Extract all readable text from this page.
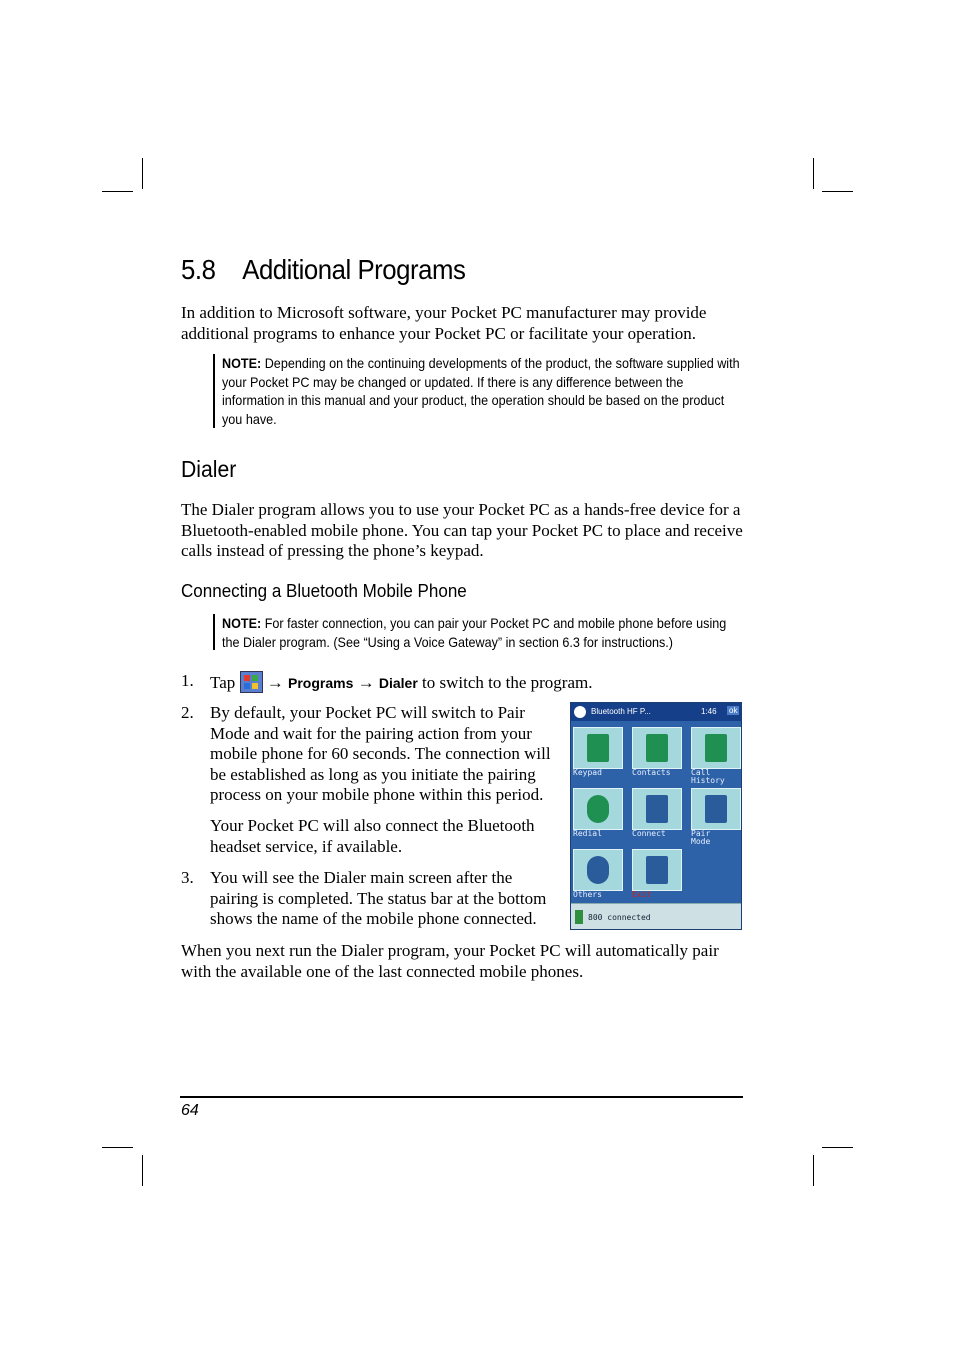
5.8    Additional Programs
In addition to Microsoft software, your Pocket PC manufacturer may provide additional programs to enhance your Pocket PC or facilitate your operation.
NOTE: Depending on the continuing developments of the product, the software supplied with your Pocket PC may be changed or updated. If there is any difference between the information in this manual and your product, the operation should be based on the product you have.
Dialer
The Dialer program allows you to use your Pocket PC as a hands-free device for a Bluetooth-enabled mobile phone. You can tap your Pocket PC to place and receive calls instead of pressing the phone’s keypad.
Connecting a Bluetooth Mobile Phone
NOTE: For faster connection, you can pair your Pocket PC and mobile phone before using the Dialer program. (See “Using a Voice Gateway” in section 6.3 for instructions.)
1. Tap  → Programs → Dialer to switch to the program.
2. By default, your Pocket PC will switch to Pair Mode and wait for the pairing action from your mobile phone for 60 seconds. The connection will be established as long as you initiate the pairing process on your mobile phone within this period.
Your Pocket PC will also connect the Bluetooth headset service, if available.
3. You will see the Dialer main screen after the pairing is completed. The status bar at the bottom shows the name of the mobile phone connected.
Bluetooth HF P...	1:46 ok
Keypad	Contacts	Call History
Redial	Connect	Pair Mode
Others	Exit
800 connected
When you next run the Dialer program, your Pocket PC will automatically pair with the available one of the last connected mobile phones.
64
